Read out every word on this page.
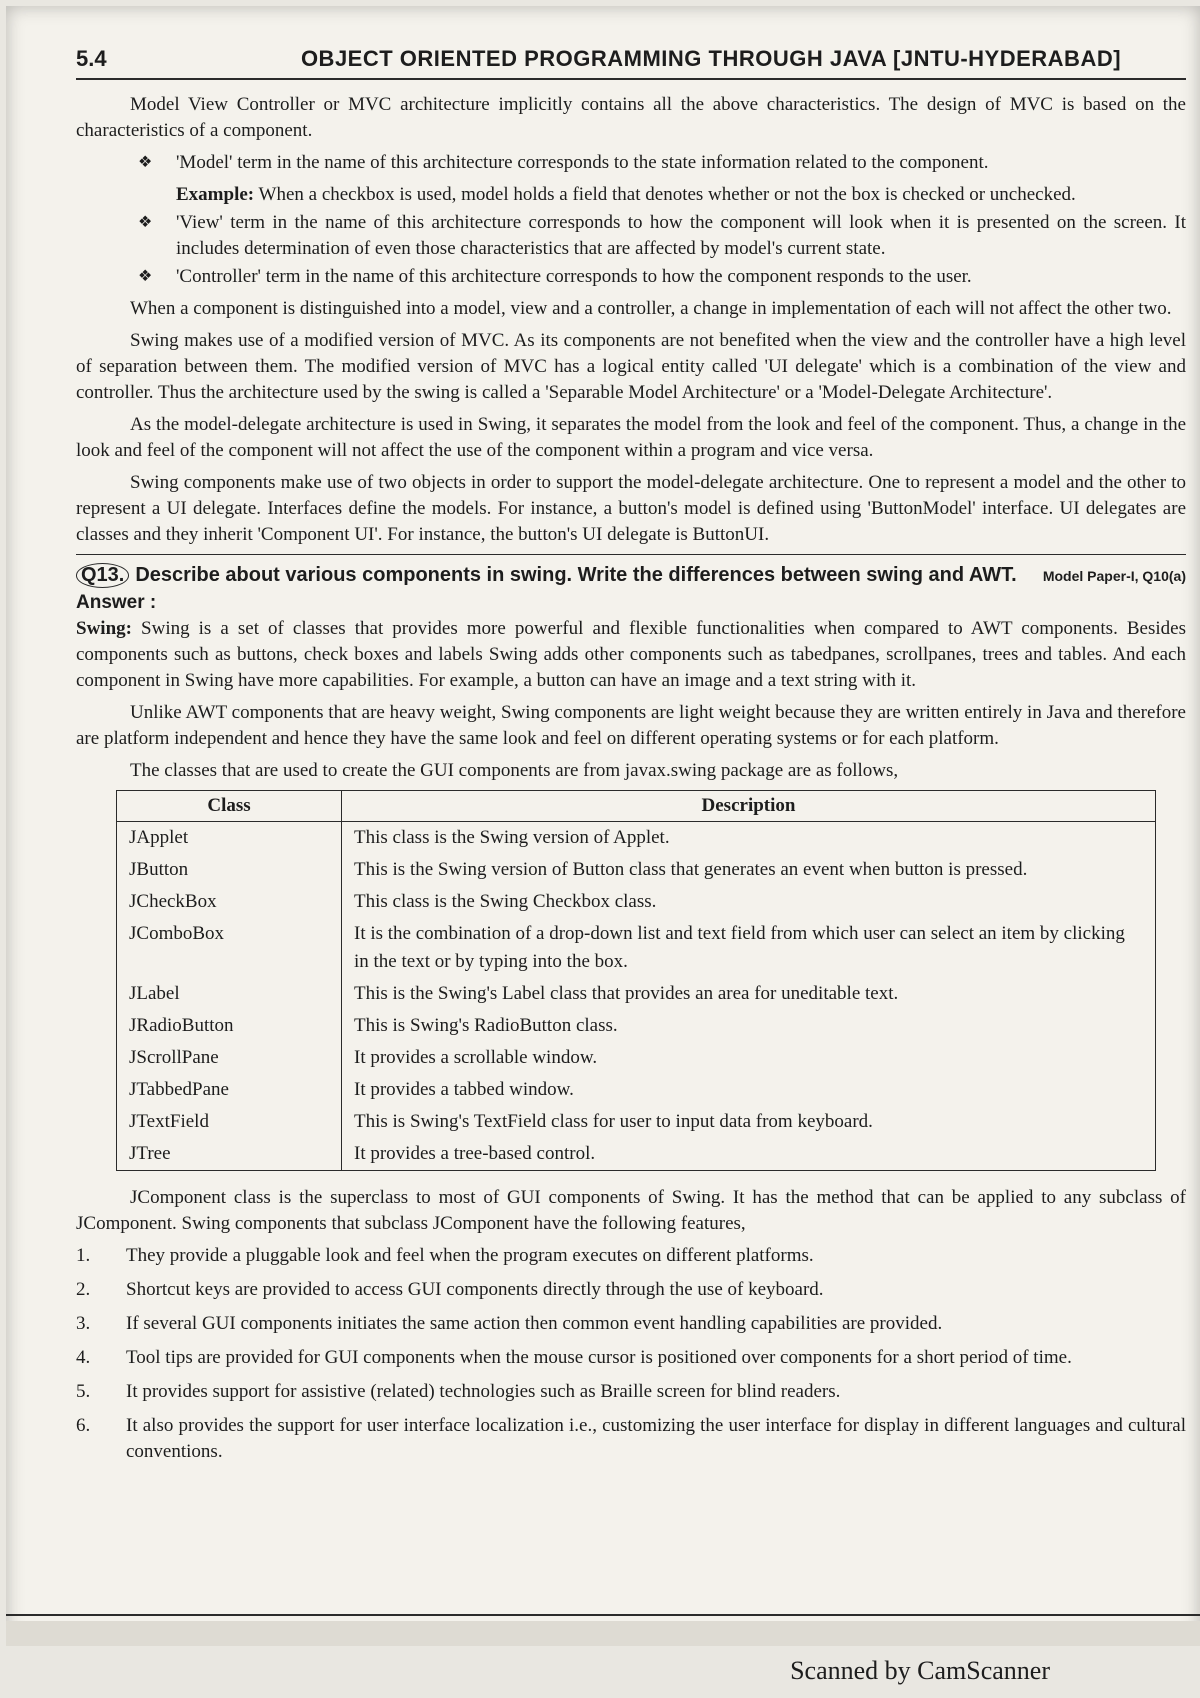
5.4	OBJECT ORIENTED PROGRAMMING THROUGH JAVA [JNTU-HYDERABAD]

Model View Controller or MVC architecture implicitly contains all the above characteristics. The design of MVC is based on the characteristics of a component.

❖ 'Model' term in the name of this architecture corresponds to the state information related to the component.
Example: When a checkbox is used, model holds a field that denotes whether or not the box is checked or unchecked.
❖ 'View' term in the name of this architecture corresponds to how the component will look when it is presented on the screen. It includes determination of even those characteristics that are affected by model's current state.
❖ 'Controller' term in the name of this architecture corresponds to how the component responds to the user.

When a component is distinguished into a model, view and a controller, a change in implementation of each will not affect the other two.

Swing makes use of a modified version of MVC. As its components are not benefited when the view and the controller have a high level of separation between them. The modified version of MVC has a logical entity called 'UI delegate' which is a combination of the view and controller. Thus the architecture used by the swing is called a 'Separable Model Architecture' or a 'Model-Delegate Architecture'.

As the model-delegate architecture is used in Swing, it separates the model from the look and feel of the component. Thus, a change in the look and feel of the component will not affect the use of the component within a program and vice versa.

Swing components make use of two objects in order to support the model-delegate architecture. One to represent a model and the other to represent a UI delegate. Interfaces define the models. For instance, a button's model is defined using 'ButtonModel' interface. UI delegates are classes and they inherit 'Component UI'. For instance, the button's UI delegate is ButtonUI.

Q13. Describe about various components in swing. Write the differences between swing and AWT. Model Paper-I, Q10(a)
Answer :

Swing: Swing is a set of classes that provides more powerful and flexible functionalities when compared to AWT components. Besides components such as buttons, check boxes and labels Swing adds other components such as tabedpanes, scrollpanes, trees and tables. And each component in Swing have more capabilities. For example, a button can have an image and a text string with it.

Unlike AWT components that are heavy weight, Swing components are light weight because they are written entirely in Java and therefore are platform independent and hence they have the same look and feel on different operating systems or for each platform.

The classes that are used to create the GUI components are from javax.swing package are as follows,

Class	Description
JApplet	This class is the Swing version of Applet.
JButton	This is the Swing version of Button class that generates an event when button is pressed.
JCheckBox	This class is the Swing Checkbox class.
JComboBox	It is the combination of a drop-down list and text field from which user can select an item by clicking in the text or by typing into the box.
JLabel	This is the Swing's Label class that provides an area for uneditable text.
JRadioButton	This is Swing's RadioButton class.
JScrollPane	It provides a scrollable window.
JTabbedPane	It provides a tabbed window.
JTextField	This is Swing's TextField class for user to input data from keyboard.
JTree	It provides a tree-based control.

JComponent class is the superclass to most of GUI components of Swing. It has the method that can be applied to any subclass of JComponent. Swing components that subclass JComponent have the following features,

1. They provide a pluggable look and feel when the program executes on different platforms.
2. Shortcut keys are provided to access GUI components directly through the use of keyboard.
3. If several GUI components initiates the same action then common event handling capabilities are provided.
4. Tool tips are provided for GUI components when the mouse cursor is positioned over components for a short period of time.
5. It provides support for assistive (related) technologies such as Braille screen for blind readers.
6. It also provides the support for user interface localization i.e., customizing the user interface for display in different languages and cultural conventions.
Scanned by CamScanner
